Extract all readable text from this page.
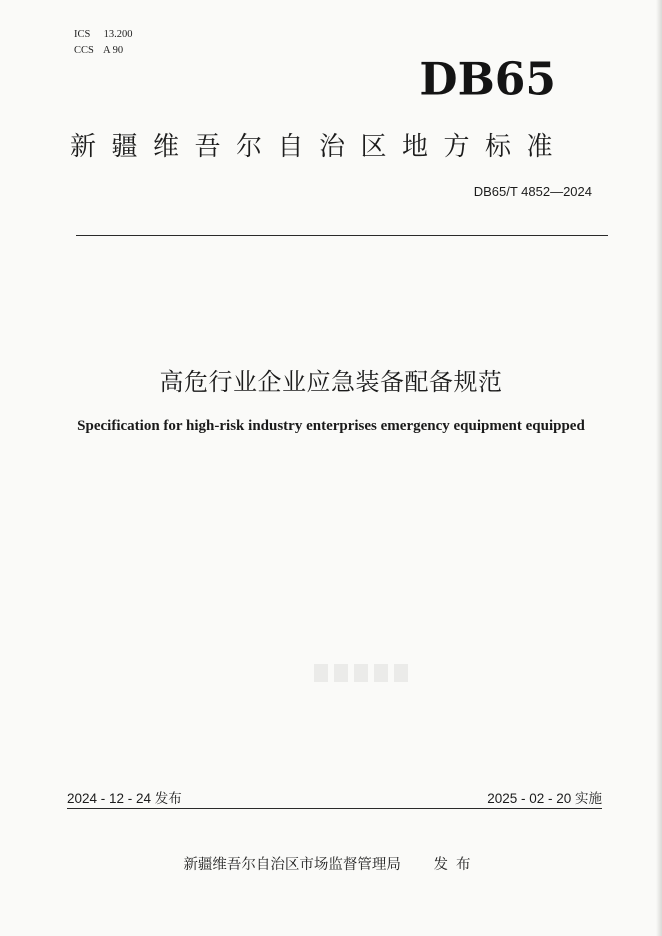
ICS 13.200
CCS A 90
DB65
新疆维吾尔自治区地方标准
DB65/T 4852—2024
高危行业企业应急装备配备规范
Specification for high-risk industry enterprises emergency equipment equipped
2024 - 12 - 24 发布	2025 - 02 - 20 实施
新疆维吾尔自治区市场监督管理局 发布
